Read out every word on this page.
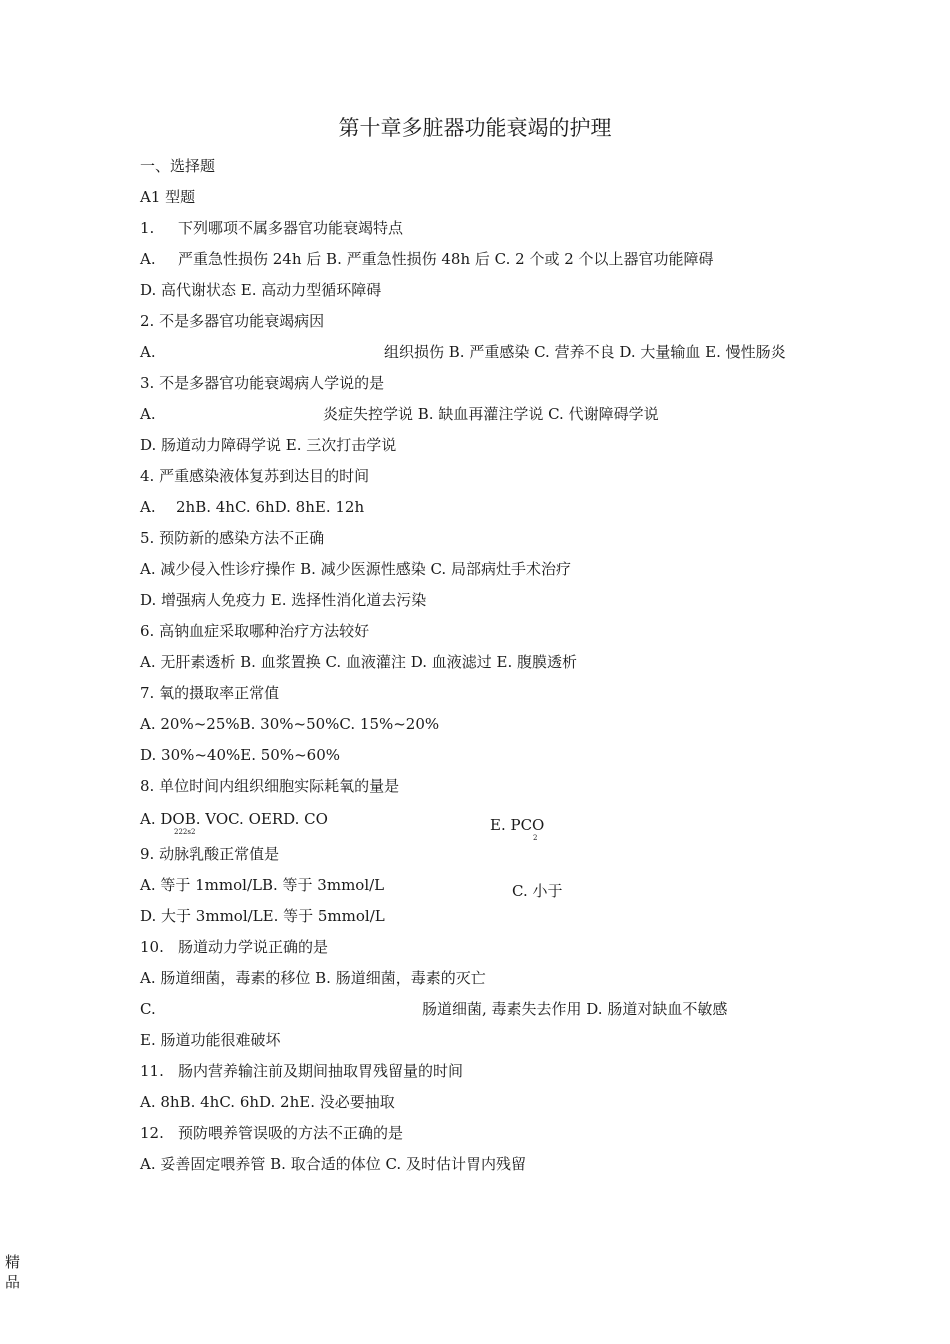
第十章多脏器功能衰竭的护理
一、选择题
A1 型题
1. 下列哪项不属多器官功能衰竭特点
A. 严重急性损伤 24h 后 B. 严重急性损伤 48h 后 C. 2 个或 2 个以上器官功能障碍
D. 高代谢状态 E. 高动力型循环障碍
2. 不是多器官功能衰竭病因
A.	组织损伤 B. 严重感染 C. 营养不良 D. 大量输血 E. 慢性肠炎
3. 不是多器官功能衰竭病人学说的是
A.	炎症失控学说 B. 缺血再灌注学说 C. 代谢障碍学说
D. 肠道动力障碍学说 E. 三次打击学说
4. 严重感染液体复苏到达目的时间
A. 2hB. 4hC. 6hD. 8hE. 12h
5. 预防新的感染方法不正确
A. 减少侵入性诊疗操作 B. 减少医源性感染 C. 局部病灶手术治疗
D. 增强病人免疫力 E. 选择性消化道去污染
6. 高钠血症采取哪种治疗方法较好
A. 无肝素透析 B. 血浆置换 C. 血液灌注 D. 血液滤过 E. 腹膜透析
7. 氧的摄取率正常值
A. 20%~25%B. 30%~50%C. 15%~20%
D. 30%~40%E. 50%~60%
8. 单位时间内组织细胞实际耗氧的量是
A. DOB. VOC. OERD. CO
222s2	E. PCO
2
9. 动脉乳酸正常值是
A. 等于 1mmol/LB. 等于 3mmol/L	C. 小于
D. 大于 3mmol/LE. 等于 5mmol/L
10. 肠道动力学说正确的是
A. 肠道细菌，毒素的移位 B. 肠道细菌，毒素的灭亡
C.	肠道细菌, 毒素失去作用 D. 肠道对缺血不敏感
E. 肠道功能很难破坏
11. 肠内营养输注前及期间抽取胃残留量的时间
A. 8hB. 4hC. 6hD. 2hE. 没必要抽取
12. 预防喂养管误吸的方法不正确的是
A. 妥善固定喂养管 B. 取合适的体位 C. 及时估计胃内残留
精品
